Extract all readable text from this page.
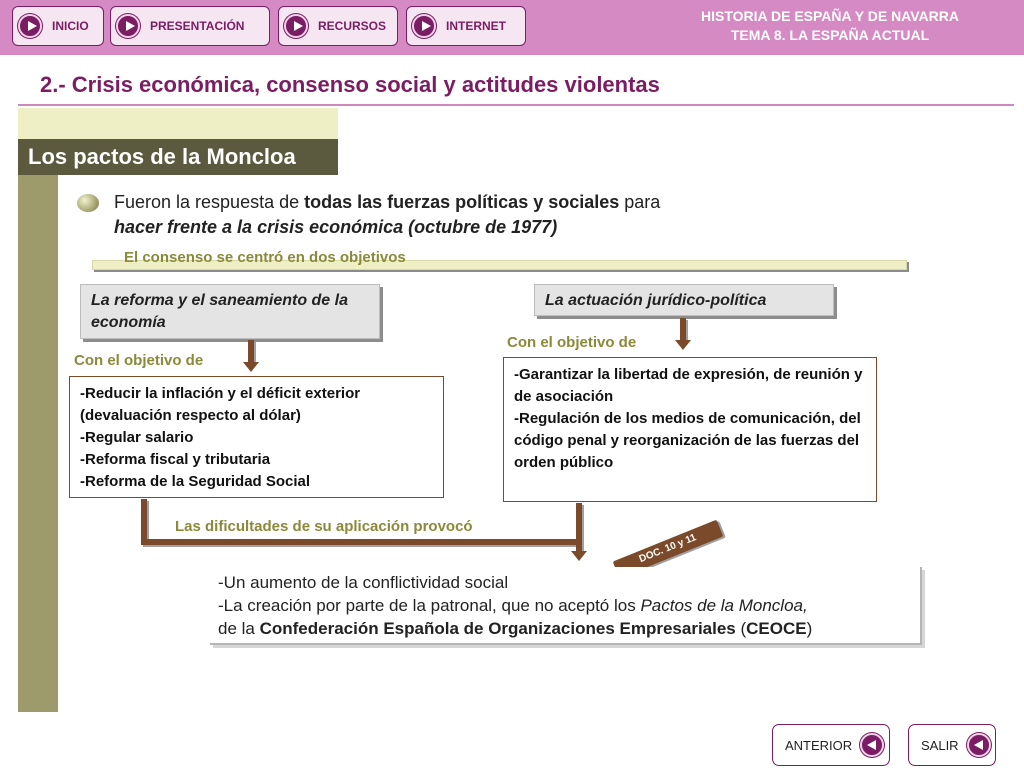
INICIO	PRESENTACIÓN	RECURSOS	INTERNET
HISTORIA DE ESPAÑA Y DE NAVARRA
TEMA 8. LA ESPAÑA ACTUAL
2.- Crisis económica, consenso social y actitudes violentas
Los pactos de la Moncloa
Fueron la respuesta de todas las fuerzas políticas y sociales para
hacer frente a la crisis económica (octubre de 1977)
El consenso se centró en dos objetivos
La reforma y el saneamiento de la economía
Con el objetivo de
-Reducir la inflación y el déficit exterior (devaluación respecto al dólar)
-Regular salario
-Reforma fiscal y tributaria
-Reforma de la Seguridad Social
La actuación jurídico-política
Con el objetivo de
-Garantizar la libertad de expresión, de reunión y de asociación
-Regulación de los medios de comunicación, del código penal y reorganización de las fuerzas del orden público
Las dificultades de su aplicación provocó
DOC. 10 y 11
-Un aumento de la conflictividad social
-La creación por parte de la patronal, que no aceptó los Pactos de la Moncloa,
de la Confederación Española de Organizaciones Empresariales (CEOCE)
ANTERIOR	SALIR
